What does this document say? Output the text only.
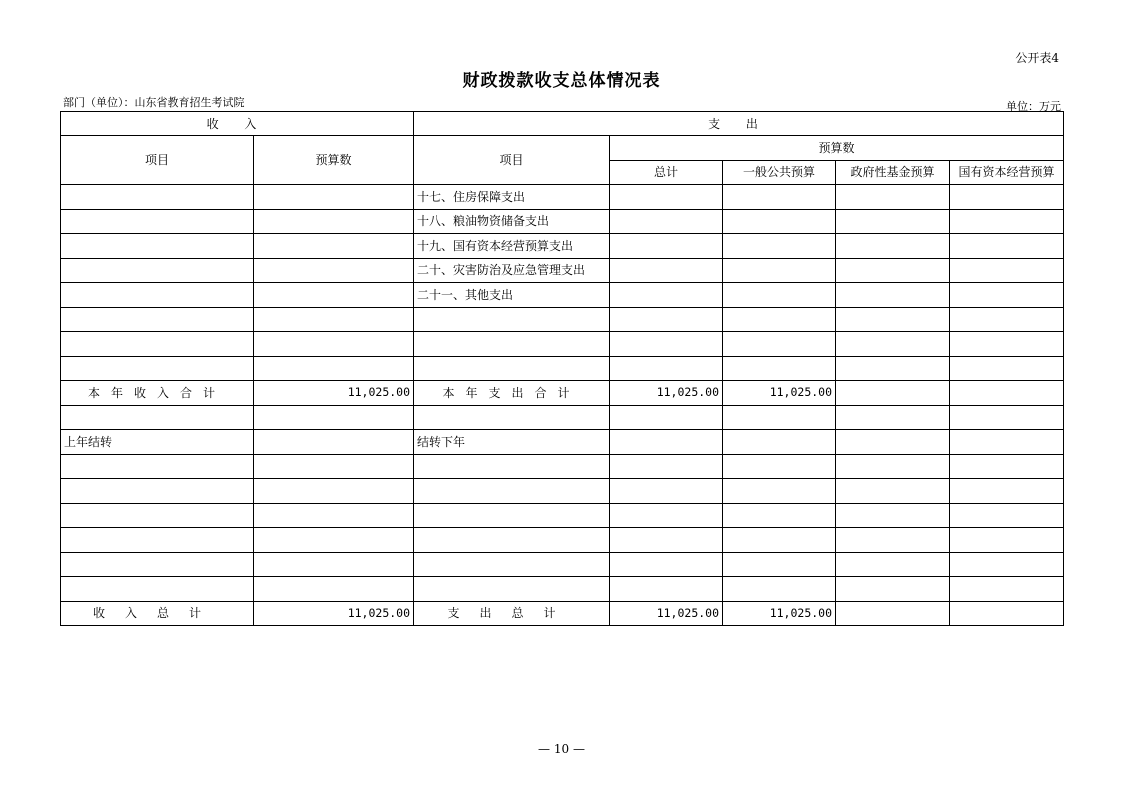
公开表4
财政拨款收支总体情况表
部门（单位）：山东省教育招生考试院	单位：万元
收 入		支 出				
项目	预算数	项目	预算数			
			总计	一般公共预算	政府性基金预算	国有资本经营预算
		十七、住房保障支出				
		十八、粮油物资储备支出				
		十九、国有资本经营预算支出				
		二十、灾害防治及应急管理支出				
		二十一、其他支出				

本年收入合计	11,025.00	本年支出合计	11,025.00	11,025.00		

上年结转		结转下年				

收入总计	11,025.00	支出总计	11,025.00	11,025.00		
— 10 —
